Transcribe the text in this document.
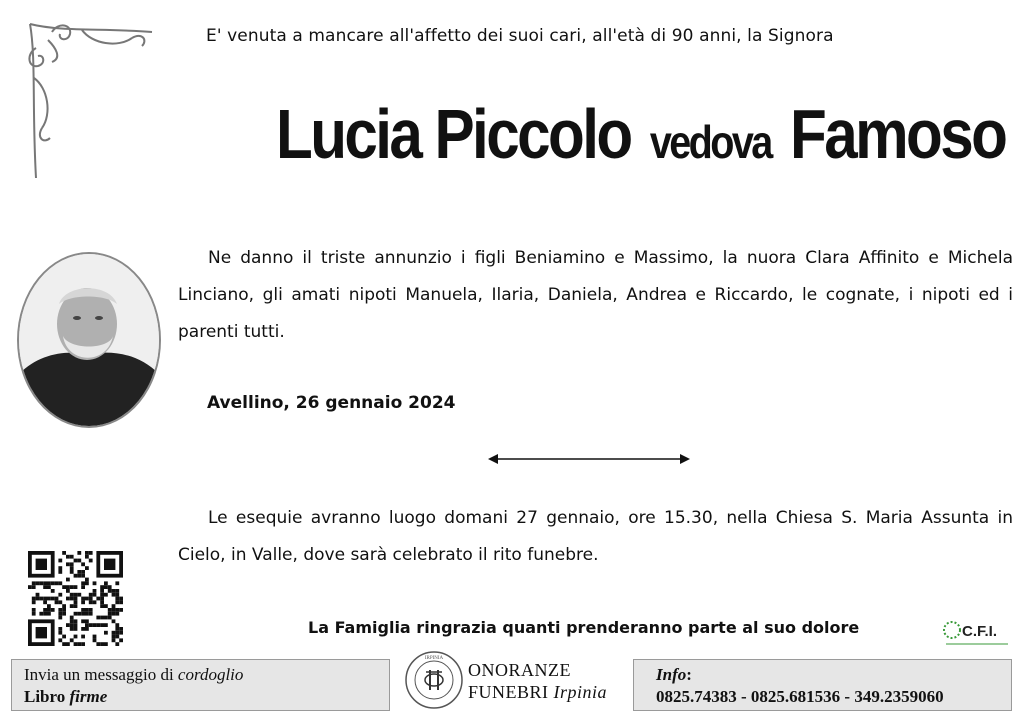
E' venuta a mancare all'affetto dei suoi cari, all'età di 90 anni, la Signora
Lucia Piccolo vedova Famoso
Ne danno il triste annunzio i figli Beniamino e Massimo, la nuora Clara Affinito e Michela Linciano, gli amati nipoti Manuela, Ilaria, Daniela, Andrea e Riccardo, le cognate, i nipoti ed i parenti tutti.
Avellino, 26 gennaio 2024
Le esequie avranno luogo domani 27 gennaio, ore 15.30, nella Chiesa S. Maria Assunta in Cielo, in Valle, dove sarà celebrato il rito funebre.
La Famiglia ringrazia quanti prenderanno parte al suo dolore	C.F.I.
Invia un messaggio di cordoglio
Libro firme
IRPINIA
ONORANZE
FUNEBRI Irpinia
Info:
0825.74383 - 0825.681536 - 349.2359060
